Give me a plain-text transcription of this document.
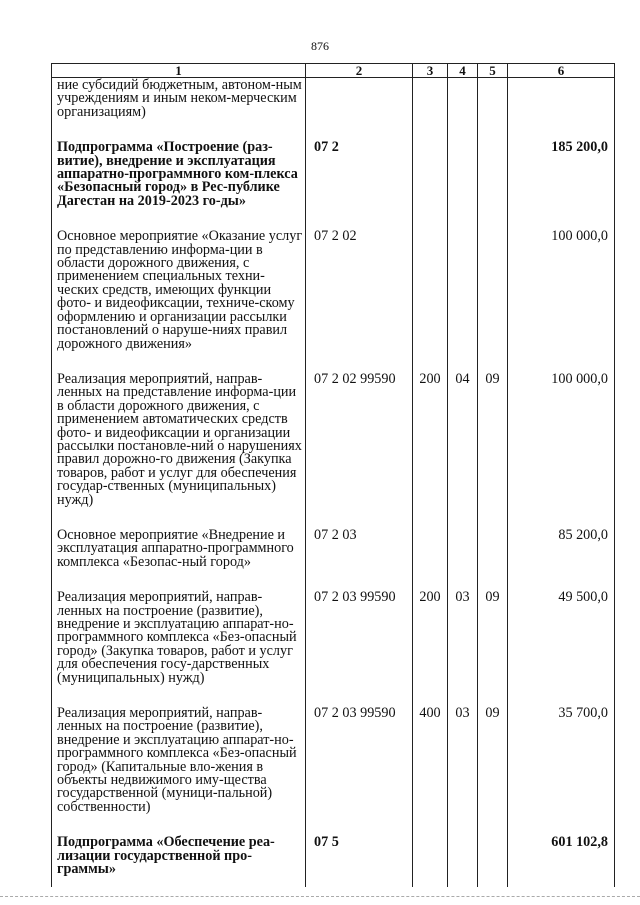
876
1	2	3	4	5	6
ние субсидий бюджетным, автоном-ным учреждениям и иным неком-мерческим организациям)					
Подпрограмма «Построение (раз-витие), внедрение и эксплуатация аппаратно-программного ком-плекса «Безопасный город» в Рес-публике Дагестан на 2019-2023 го-ды»	07 2				185 200,0
Основное мероприятие «Оказание услуг по представлению информа-ции в области дорожного движения, с применением специальных техни-ческих средств, имеющих функции фото- и видеофиксации, техниче-скому оформлению и организации рассылки постановлений о наруше-ниях правил дорожного движения»	07 2 02				100 000,0
Реализация мероприятий, направ-ленных на представление информа-ции в области дорожного движения, с применением автоматических средств фото- и видеофиксации и организации рассылки постановле-ний о нарушениях правил дорожно-го движения (Закупка товаров, работ и услуг для обеспечения государ-ственных (муниципальных) нужд)	07 2 02 99590	200	04	09	100 000,0
Основное мероприятие «Внедрение и эксплуатация аппаратно-программного комплекса «Безопас-ный город»	07 2 03				85 200,0
Реализация мероприятий, направ-ленных на построение (развитие), внедрение и эксплуатацию аппарат-но-программного комплекса «Без-опасный город» (Закупка товаров, работ и услуг для обеспечения госу-дарственных (муниципальных) нужд)	07 2 03 99590	200	03	09	49 500,0
Реализация мероприятий, направ-ленных на построение (развитие), внедрение и эксплуатацию аппарат-но-программного комплекса «Без-опасный город» (Капитальные вло-жения в объекты недвижимого иму-щества государственной (муници-пальной) собственности)	07 2 03 99590	400	03	09	35 700,0
Подпрограмма «Обеспечение реа-лизации государственной про-граммы»	07 5				601 102,8
